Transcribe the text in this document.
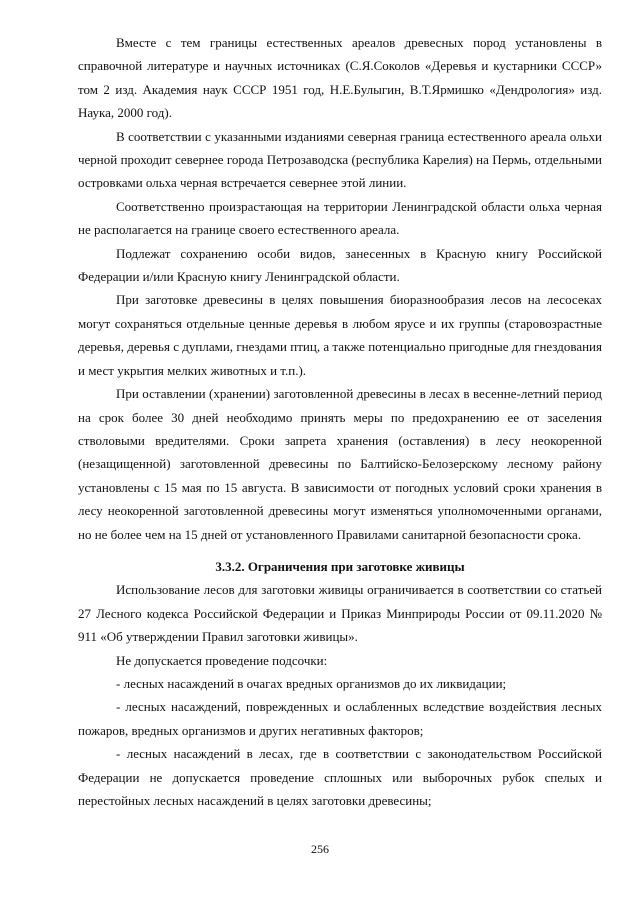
Вместе с тем границы естественных ареалов древесных пород установлены в справочной литературе и научных источниках (С.Я.Соколов «Деревья и кустарники СССР» том 2 изд. Академия наук СССР 1951 год, Н.Е.Булыгин, В.Т.Ярмишко «Дендрология» изд. Наука, 2000 год).

В соответствии с указанными изданиями северная граница естественного ареала ольхи черной проходит севернее города Петрозаводска (республика Карелия) на Пермь, отдельными островками ольха черная встречается севернее этой линии.

Соответственно произрастающая на территории Ленинградской области ольха черная не располагается на границе своего естественного ареала.

Подлежат сохранению особи видов, занесенных в Красную книгу Российской Федерации и/или Красную книгу Ленинградской области.

При заготовке древесины в целях повышения биоразнообразия лесов на лесосеках могут сохраняться отдельные ценные деревья в любом ярусе и их группы (старовозрастные деревья, деревья с дуплами, гнездами птиц, а также потенциально пригодные для гнездования и мест укрытия мелких животных и т.п.).

При оставлении (хранении) заготовленной древесины в лесах в весенне-летний период на срок более 30 дней необходимо принять меры по предохранению ее от заселения стволовыми вредителями. Сроки запрета хранения (оставления) в лесу неокоренной (незащищенной) заготовленной древесины по Балтийско-Белозерскому лесному району установлены с 15 мая по 15 августа. В зависимости от погодных условий сроки хранения в лесу неокоренной заготовленной древесины могут изменяться уполномоченными органами, но не более чем на 15 дней от установленного Правилами санитарной безопасности срока.

3.3.2. Ограничения при заготовке живицы

Использование лесов для заготовки живицы ограничивается в соответствии со статьей 27 Лесного кодекса Российской Федерации и Приказ Минприроды России от 09.11.2020 № 911 «Об утверждении Правил заготовки живицы».

Не допускается проведение подсочки:

- лесных насаждений в очагах вредных организмов до их ликвидации;

- лесных насаждений, поврежденных и ослабленных вследствие воздействия лесных пожаров, вредных организмов и других негативных факторов;

- лесных насаждений в лесах, где в соответствии с законодательством Российской Федерации не допускается проведение сплошных или выборочных рубок спелых и перестойных лесных насаждений в целях заготовки древесины;

256
